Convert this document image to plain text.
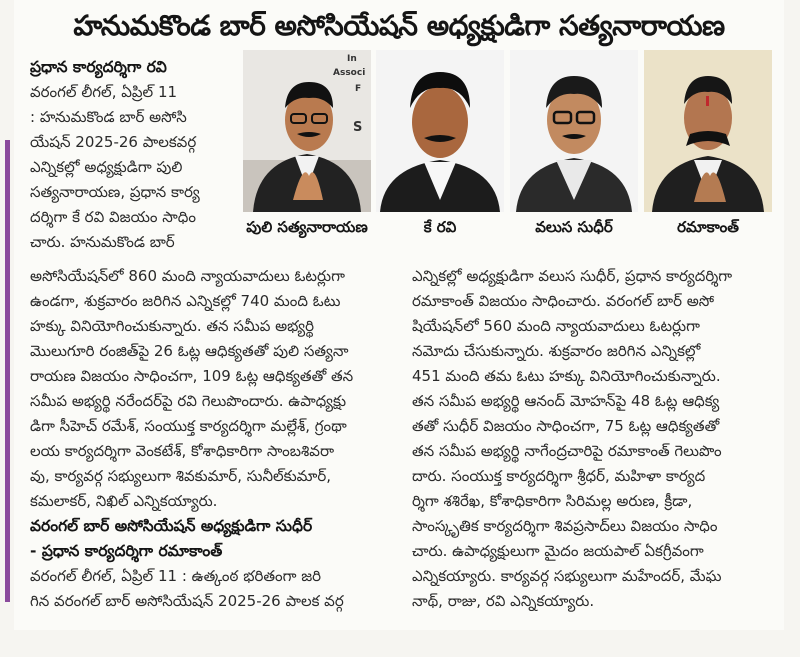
హనుమకొండ బార్ అసోసియేషన్ అధ్యక్షుడిగా సత్యనారాయణ

ప్రధాన కార్యదర్శిగా రవి

వరంగల్ లీగల్, ఏప్రిల్ 11

: హనుమకొండ బార్ అసోసి

యేషన్ 2025-26 పాలకవర్గ

ఎన్నికల్లో అధ్యక్షుడిగా పులి

సత్యనారాయణ, ప్రధాన కార్య

దర్శిగా కే రవి విజయం సాధిం

చారు. హనుమకొండ బార్

In
Associ
F
S
పులి సత్యనారాయణ	కే రవి	వలుస సుధీర్	రమాకాంత్

అసోసియేషన్‌లో 860 మంది న్యాయవాదులు ఓటర్లుగా

ఉండగా, శుక్రవారం జరిగిన ఎన్నికల్లో 740 మంది ఓటు

హక్కు వినియోగించుకున్నారు. తన సమీప అభ్యర్థి

మొలుగూరి రంజిత్‌పై 26 ఓట్ల ఆధిక్యతతో పులి సత్యనా

రాయణ విజయం సాధించగా, 109 ఓట్ల ఆధిక్యతతో తన

సమీప అభ్యర్థి నరేందర్‌పై రవి గెలుపొందారు. ఉపాధ్యక్షు

డిగా సీహెచ్ రమేశ్, సంయుక్త కార్యదర్శిగా మల్లేశ్, గ్రంథా

లయ కార్యదర్శిగా వెంకటేశ్, కోశాధికారిగా సాంబశివరా

వు, కార్యవర్గ సభ్యులుగా శివకుమార్, సునీల్‌కుమార్,

కమలాకర్, నిఖిల్ ఎన్నికయ్యారు.

వరంగల్ బార్ అసోసియేషన్ అధ్యక్షుడిగా సుధీర్

- ప్రధాన కార్యదర్శిగా రమాకాంత్

వరంగల్ లీగల్, ఏప్రిల్ 11 : ఉత్కంఠ భరితంగా జరి

గిన వరంగల్ బార్ అసోసియేషన్ 2025-26 పాలక వర్గ

ఎన్నికల్లో అధ్యక్షుడిగా వలుస సుధీర్, ప్రధాన కార్యదర్శిగా

రమాకాంత్ విజయం సాధించారు. వరంగల్ బార్ అసో

షియేషన్‌లో 560 మంది న్యాయవాదులు ఓటర్లుగా

నమోదు చేసుకున్నారు. శుక్రవారం జరిగిన ఎన్నికల్లో

451 మంది తమ ఓటు హక్కు వినియోగించుకున్నారు.

తన సమీప అభ్యర్థి ఆనంద్ మోహన్‌పై 48 ఓట్ల ఆధిక్య

తతో సుధీర్ విజయం సాధించగా, 75 ఓట్ల ఆధిక్యతతో

తన సమీప అభ్యర్థి నాగేంద్రచారిపై రమాకాంత్ గెలుపొం

దారు. సంయుక్త కార్యదర్శిగా శ్రీధర్, మహిళా కార్యద

ర్శిగా శశిరేఖ, కోశాధికారిగా సిరిమల్ల అరుణ, క్రీడా,

సాంస్కృతిక కార్యదర్శిగా శివప్రసాద్‌లు విజయం సాధిం

చారు. ఉపాధ్యక్షులుగా మైదం జయపాల్ ఏకగ్రీవంగా

ఎన్నికయ్యారు. కార్యవర్గ సభ్యులుగా మహేందర్, మేఘ

నాథ్, రాజు, రవి ఎన్నికయ్యారు.
